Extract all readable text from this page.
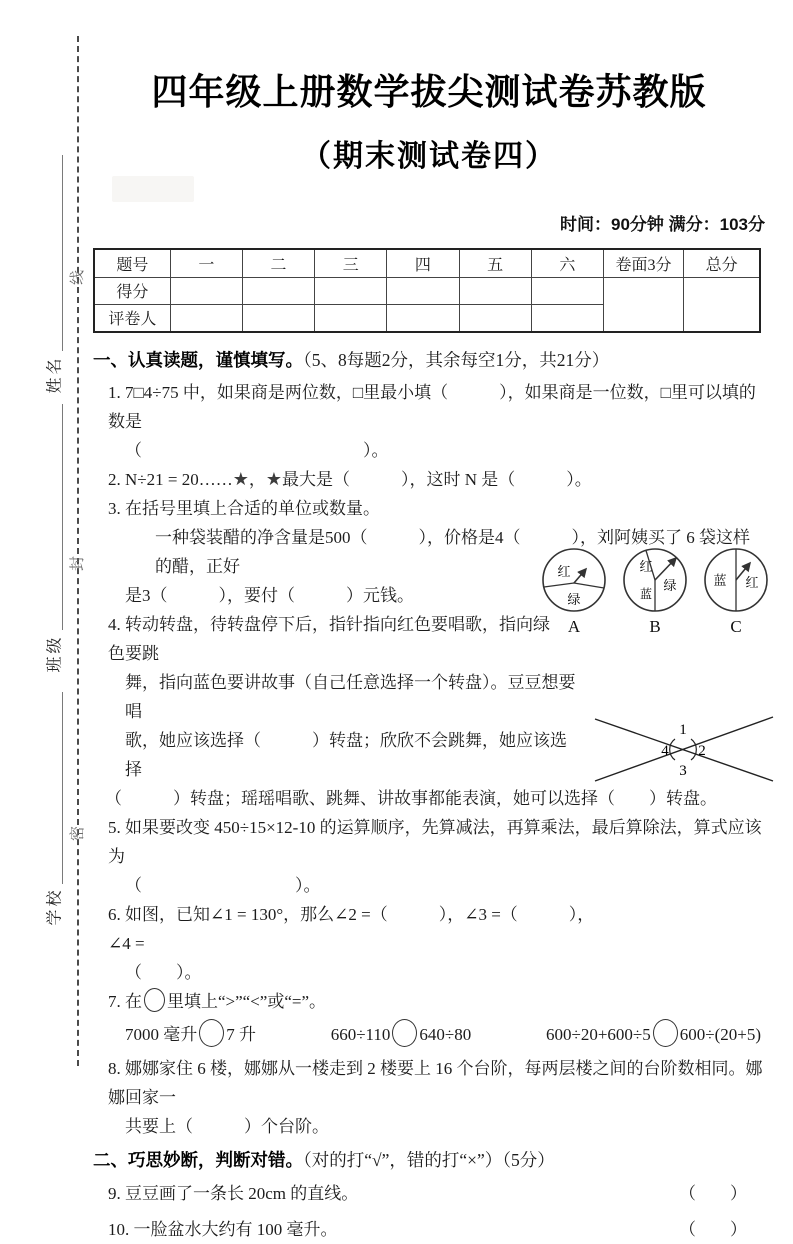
线
封
密
姓名
班级
学校
四年级上册数学拔尖测试卷苏教版
（期末测试卷四）
时间：90分钟 满分：103分
题号	一	二	三	四	五	六	卷面3分	总分
得分								
评卷人								
一、认真读题，谨慎填写。（5、8每题2分，其余每空1分，共21分）
1. 7□4÷75 中，如果商是两位数，□里最小填（　　　），如果商是一位数，□里可以填的数是
（　　　　　　　　　　　　　）。
2. N÷21 = 20……★，★最大是（　　　），这时 N 是（　　　）。
3. 在括号里填上合适的单位或数量。
一种袋装醋的净含量是500（　　　），价格是4（　　　），刘阿姨买了 6 袋这样的醋，正好
是3（　　　），要付（　　　）元钱。
4. 转动转盘，待转盘停下后，指针指向红色要唱歌，指向绿色要跳
舞，指向蓝色要讲故事（自己任意选择一个转盘）。豆豆想要唱
歌，她应该选择（　　　）转盘；欣欣不会跳舞，她应该选择
（　　　）转盘；瑶瑶唱歌、跳舞、讲故事都能表演，她可以选择（　　）转盘。
红
绿
A
红
蓝
绿
B
蓝 红
C
5. 如果要改变 450÷15×12-10 的运算顺序，先算减法，再算乘法，最后算除法，算式应该为
（　　　　　　　　　）。
6. 如图，已知∠1 = 130°，那么∠2 =（　　　），∠3 =（　　　），∠4 =
（　　）。
1
2
3
4
7. 在 里填上“>”“<”或“=”。
7000 毫升 7 升	660÷110 640÷80	600÷20+600÷5 600÷(20+5)
8. 娜娜家住 6 楼，娜娜从一楼走到 2 楼要上 16 个台阶，每两层楼之间的台阶数相同。娜娜回家一
共要上（　　　）个台阶。
二、巧思妙断，判断对错。（对的打“√”，错的打“×”）（5分）
9. 豆豆画了一条长 20cm 的直线。	（　　）
10. 一脸盆水大约有 100 毫升。	（　　）
